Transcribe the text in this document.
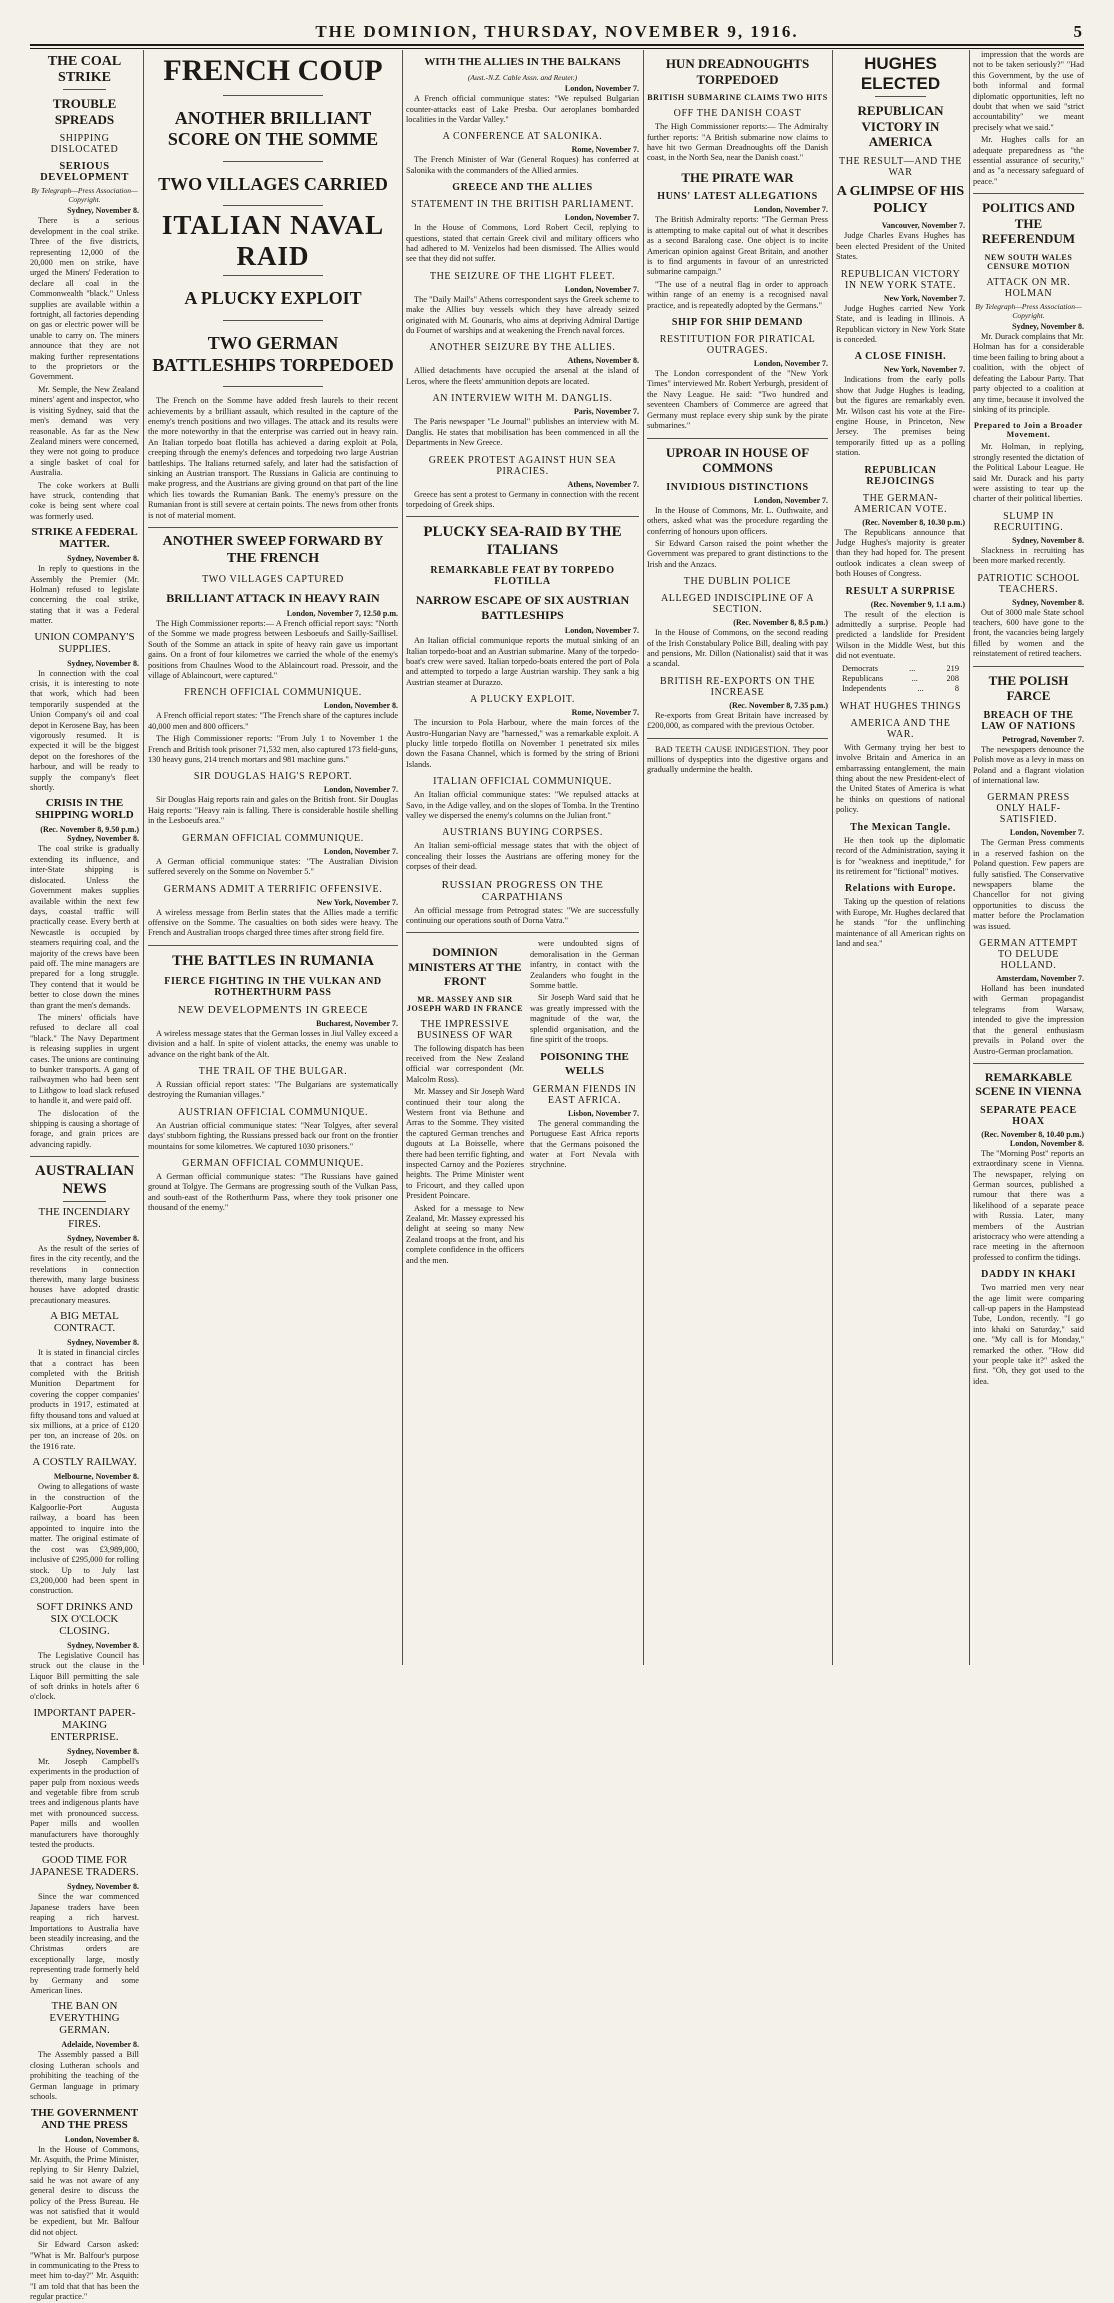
THE DOMINION, THURSDAY, NOVEMBER 9, 1916.	5
THE COAL STRIKE
TROUBLE SPREADS
SHIPPING DISLOCATED
SERIOUS DEVELOPMENT
By Telegraph—Press Association—Copyright.
Sydney, November 8.

There is a serious development in the coal strike. Three of the five districts, representing 12,000 of the 20,000 men on strike, have urged the Miners' Federation to declare all coal in the Commonwealth "black." Unless supplies are available within a fortnight, all factories depending on gas or electric power will be unable to carry on. The miners announce that they are not making further representations to the proprietors or the Government.

Mr. Semple, the New Zealand miners' agent and inspector, who is visiting Sydney, said that the men's demand was very reasonable. As far as the New Zealand miners were concerned, they were not going to produce a single basket of coal for Australia.

The coke workers at Bulli have struck, contending that coke is being sent where coal was formerly used.

STRIKE A FEDERAL MATTER.
Sydney, November 8.

In reply to questions in the Assembly the Premier (Mr. Holman) refused to legislate concerning the coal strike, stating that it was a Federal matter.

UNION COMPANY'S SUPPLIES.
Sydney, November 8.

In connection with the coal crisis, it is interesting to note that work, which had been temporarily suspended at the Union Company's oil and coal depot in Kerosene Bay, has been vigorously resumed. It is expected it will be the biggest depot on the foreshores of the harbour, and will be ready to supply the company's fleet shortly.

CRISIS IN THE SHIPPING WORLD
(Rec. November 8, 9.50 p.m.) Sydney, November 8.

The coal strike is gradually extending its influence, and inter-State shipping is dislocated. Unless the Government makes supplies available within the next few days, coastal traffic will practically cease. Every berth at Newcastle is occupied by steamers requiring coal, and the majority of the crews have been paid off. The mine managers are prepared for a long struggle. They contend that it would be better to close down the mines than grant the men's demands.

The miners' officials have refused to declare all coal "black." The Navy Department is releasing supplies in urgent cases. The unions are continuing to bunker transports. A gang of railwaymen who had been sent to Lithgow to load slack refused to handle it, and were paid off.

The dislocation of the shipping is causing a shortage of forage, and grain prices are advancing rapidly.

AUSTRALIAN NEWS
THE INCENDIARY FIRES.
Sydney, November 8.

As the result of the series of fires in the city recently, and the revelations in connection therewith, many large business houses have adopted drastic precautionary measures.

A BIG METAL CONTRACT.
Sydney, November 8.

It is stated in financial circles that a contract has been completed with the British Munition Department for covering the copper companies' products in 1917, estimated at fifty thousand tons and valued at six millions, at a price of £120 per ton, an increase of 20s. on the 1916 rate.

A COSTLY RAILWAY.
Melbourne, November 8.

Owing to allegations of waste in the construction of the Kalgoorlie-Port Augusta railway, a board has been appointed to inquire into the matter. The original estimate of the cost was £3,989,000, inclusive of £295,000 for rolling stock. Up to July last £3,200,000 had been spent in construction.

SOFT DRINKS AND SIX O'CLOCK CLOSING.
Sydney, November 8.

The Legislative Council has struck out the clause in the Liquor Bill permitting the sale of soft drinks in hotels after 6 o'clock.

IMPORTANT PAPER-MAKING ENTERPRISE.
Sydney, November 8.

Mr. Joseph Campbell's experiments in the production of paper pulp from noxious weeds and vegetable fibre from scrub trees and indigenous plants have met with pronounced success. Paper mills and woollen manufacturers have thoroughly tested the products.

GOOD TIME FOR JAPANESE TRADERS.
Sydney, November 8.

Since the war commenced Japanese traders have been reaping a rich harvest. Importations to Australia have been steadily increasing, and the Christmas orders are exceptionally large, mostly representing trade formerly held by Germany and some American lines.

THE BAN ON EVERYTHING GERMAN.
Adelaide, November 8.

The Assembly passed a Bill closing Lutheran schools and prohibiting the teaching of the German language in primary schools.

THE GOVERNMENT AND THE PRESS
London, November 8.

In the House of Commons, Mr. Asquith, the Prime Minister, replying to Sir Henry Dalziel, said he was not aware of any general desire to discuss the policy of the Press Bureau. He was not satisfied that it would be expedient, but Mr. Balfour did not object.

Sir Edward Carson asked: "What is Mr. Balfour's purpose in communicating to the Press to meet him to-day?" Mr. Asquith: "I am told that that has been the regular practice."

FRENCH COUP
ANOTHER BRILLIANT SCORE ON THE SOMME
TWO VILLAGES CARRIED
ITALIAN NAVAL RAID
A PLUCKY EXPLOIT
TWO GERMAN BATTLESHIPS TORPEDOED

The French on the Somme have added fresh laurels to their recent achievements by a brilliant assault, which resulted in the capture of the enemy's trench positions and two villages. The attack and its results were the more noteworthy in that the enterprise was carried out in heavy rain. An Italian torpedo boat flotilla has achieved a daring exploit at Pola, creeping through the enemy's defences and torpedoing two large Austrian battleships. The Italians returned safely, and later had the satisfaction of sinking an Austrian transport. The Russians in Galicia are continuing to make progress, and the Austrians are giving ground on that part of the line which lies towards the Rumanian Bank. The enemy's pressure on the Rumanian front is still severe at certain points. The news from other fronts is not of material moment.

ANOTHER SWEEP FORWARD BY THE FRENCH
TWO VILLAGES CAPTURED
BRILLIANT ATTACK IN HEAVY RAIN
London, November 7, 12.50 p.m.

The High Commissioner reports:— A French official report says: "North of the Somme we made progress between Lesboeufs and Sailly-Saillisel. South of the Somme an attack in spite of heavy rain gave us important gains. On a front of four kilometres we carried the whole of the enemy's positions from Chaulnes Wood to the Ablaincourt road. Pressoir, and the village of Ablaincourt, were captured."

FRENCH OFFICIAL COMMUNIQUE.
London, November 8.

A French official report states: "The French share of the captures include 40,000 men and 800 officers."

The High Commissioner reports: "From July 1 to November 1 the French and British took prisoner 71,532 men, also captured 173 field-guns, 130 heavy guns, 214 trench mortars and 981 machine guns."

SIR DOUGLAS HAIG'S REPORT.
London, November 7.

Sir Douglas Haig reports rain and gales on the British front. Sir Douglas Haig reports: "Heavy rain is falling. There is considerable hostile shelling in the Lesboeufs area."

GERMAN OFFICIAL COMMUNIQUE.
London, November 7.

A German official communique states: "The Australian Division suffered severely on the Somme on November 5."

GERMANS ADMIT A TERRIFIC OFFENSIVE.
New York, November 7.

A wireless message from Berlin states that the Allies made a terrific offensive on the Somme. The casualties on both sides were heavy. The French and Australian troops charged three times after strong field fire.

THE BATTLES IN RUMANIA
FIERCE FIGHTING IN THE VULKAN AND ROTHERTHURM PASS
NEW DEVELOPMENTS IN GREECE
Bucharest, November 7.

A wireless message states that the German losses in Jiul Valley exceed a division and a half. In spite of violent attacks, the enemy was unable to advance on the right bank of the Alt.

THE TRAIL OF THE BULGAR.

A Russian official report states: "The Bulgarians are systematically destroying the Rumanian villages."

AUSTRIAN OFFICIAL COMMUNIQUE.

An Austrian official communique states: "Near Tolgyes, after several days' stubborn fighting, the Russians pressed back our front on the frontier mountains for some kilometres. We captured 1030 prisoners."

GERMAN OFFICIAL COMMUNIQUE.

A German official communique states: "The Russians have gained ground at Tolgye. The Germans are progressing south of the Vulkan Pass, and south-east of the Rotherthurm Pass, where they took prisoner one thousand of the enemy."

WITH THE ALLIES IN THE BALKANS
(Aust.-N.Z. Cable Assn. and Reuter.)
London, November 7.

A French official communique states: "We repulsed Bulgarian counter-attacks east of Lake Presba. Our aeroplanes bombarded localities in the Vardar Valley."

A CONFERENCE AT SALONIKA.
Rome, November 7.

The French Minister of War (General Roques) has conferred at Salonika with the commanders of the Allied armies.

GREECE AND THE ALLIES
STATEMENT IN THE BRITISH PARLIAMENT.
London, November 7.

In the House of Commons, Lord Robert Cecil, replying to questions, stated that certain Greek civil and military officers who had adhered to M. Venizelos had been dismissed. The Allies would see that they did not suffer.

THE SEIZURE OF THE LIGHT FLEET.
London, November 7.

The "Daily Mail's" Athens correspondent says the Greek scheme to make the Allies buy vessels which they have already seized originated with M. Gounaris, who aims at depriving Admiral Dartige du Fournet of warships and at weakening the French naval forces.

ANOTHER SEIZURE BY THE ALLIES.
Athens, November 8.

Allied detachments have occupied the arsenal at the island of Leros, where the fleets' ammunition depots are located.

AN INTERVIEW WITH M. DANGLIS.
Paris, November 7.

The Paris newspaper "Le Journal" publishes an interview with M. Danglis. He states that mobilisation has been commenced in all the Departments in New Greece.

GREEK PROTEST AGAINST HUN SEA PIRACIES.
Athens, November 7.

Greece has sent a protest to Germany in connection with the recent torpedoing of Greek ships.

PLUCKY SEA-RAID BY THE ITALIANS
REMARKABLE FEAT BY TORPEDO FLOTILLA
NARROW ESCAPE OF SIX AUSTRIAN BATTLESHIPS
London, November 7.

An Italian official communique reports the mutual sinking of an Italian torpedo-boat and an Austrian submarine. Many of the torpedo-boat's crew were saved. Italian torpedo-boats entered the port of Pola and attempted to torpedo a large Austrian warship. They sank a big Austrian steamer at Durazzo.

A PLUCKY EXPLOIT.
Rome, November 7.

The incursion to Pola Harbour, where the main forces of the Austro-Hungarian Navy are "harnessed," was a remarkable exploit. A plucky little torpedo flotilla on November 1 penetrated six miles down the Fasana Channel, which is formed by the string of Brioni Islands.

ITALIAN OFFICIAL COMMUNIQUE.

An Italian official communique states: "We repulsed attacks at Savo, in the Adige valley, and on the slopes of Tomba. In the Trentino valley we dispersed the enemy's columns on the Julian front."

AUSTRIANS BUYING CORPSES.

An Italian semi-official message states that with the object of concealing their losses the Austrians are offering money for the corpses of their dead.

RUSSIAN PROGRESS ON THE CARPATHIANS

An official message from Petrograd states: "We are successfully continuing our operations south of Dorna Vatra."

DOMINION MINISTERS AT THE FRONT
MR. MASSEY AND SIR JOSEPH WARD IN FRANCE
THE IMPRESSIVE BUSINESS OF WAR

The following dispatch has been received from the New Zealand official war correspondent (Mr. Malcolm Ross).

Mr. Massey and Sir Joseph Ward continued their tour along the Western front via Bethune and Arras to the Somme. They visited the captured German trenches and dugouts at La Boisselle, where there had been terrific fighting, and inspected Carnoy and the Pozieres heights. The Prime Minister went to Fricourt, and they called upon President Poincare.

Asked for a message to New Zealand, Mr. Massey expressed his delight at seeing so many New Zealand troops at the front, and his complete confidence in the officers and the men.

were undoubted signs of demoralisation in the German infantry, in contact with the Zealanders who fought in the Somme battle.

Sir Joseph Ward said that he was greatly impressed with the magnitude of the war, the splendid organisation, and the fine spirit of the troops.

POISONING THE WELLS
GERMAN FIENDS IN EAST AFRICA.
Lisbon, November 7.

The general commanding the Portuguese East Africa reports that the Germans poisoned the water at Fort Nevala with strychnine.

HUN DREADNOUGHTS TORPEDOED
BRITISH SUBMARINE CLAIMS TWO HITS
OFF THE DANISH COAST

The High Commissioner reports:— The Admiralty further reports: "A British submarine now claims to have hit two German Dreadnoughts off the Danish coast, in the North Sea, near the Danish coast."

THE PIRATE WAR
HUNS' LATEST ALLEGATIONS
London, November 7.

The British Admiralty reports: "The German Press is attempting to make capital out of what it describes as a second Baralong case. One object is to incite American opinion against Great Britain, and another is to find arguments in favour of an unrestricted submarine campaign."

"The use of a neutral flag in order to approach within range of an enemy is a recognised naval practice, and is repeatedly adopted by the Germans."

SHIP FOR SHIP DEMAND
RESTITUTION FOR PIRATICAL OUTRAGES.
London, November 7.

The London correspondent of the "New York Times" interviewed Mr. Robert Yerburgh, president of the Navy League. He said: "Two hundred and seventeen Chambers of Commerce are agreed that Germany must replace every ship sunk by the pirate submarines."

UPROAR IN HOUSE OF COMMONS
INVIDIOUS DISTINCTIONS
London, November 7.

In the House of Commons, Mr. L. Outhwaite, and others, asked what was the procedure regarding the conferring of honours upon officers.

Sir Edward Carson raised the point whether the Government was prepared to grant distinctions to the Irish and the Anzacs.

THE DUBLIN POLICE
ALLEGED INDISCIPLINE OF A SECTION.
(Rec. November 8, 8.5 p.m.)

In the House of Commons, on the second reading of the Irish Constabulary Police Bill, dealing with pay and pensions, Mr. Dillon (Nationalist) said that it was a scandal.

BRITISH RE-EXPORTS ON THE INCREASE
(Rec. November 8, 7.35 p.m.)

Re-exports from Great Britain have increased by £200,000, as compared with the previous October.

BAD TEETH CAUSE INDIGESTION. They poor millions of dyspeptics into the digestive organs and gradually undermine the health.

HUGHES ELECTED
REPUBLICAN VICTORY IN AMERICA
THE RESULT—AND THE WAR
A GLIMPSE OF HIS POLICY
Vancouver, November 7.

Judge Charles Evans Hughes has been elected President of the United States.

REPUBLICAN VICTORY IN NEW YORK STATE.
New York, November 7.

Judge Hughes carried New York State, and is leading in Illinois. A Republican victory in New York State is conceded.

A CLOSE FINISH.
New York, November 7.

Indications from the early polls show that Judge Hughes is leading, but the figures are remarkably even. Mr. Wilson cast his vote at the Fire-engine House, in Princeton, New Jersey. The premises being temporarily fitted up as a polling station.

REPUBLICAN REJOICINGS
THE GERMAN-AMERICAN VOTE.
(Rec. November 8, 10.30 p.m.)

The Republicans announce that Judge Hughes's majority is greater than they had hoped for. The present outlook indicates a clean sweep of both Houses of Congress.

RESULT A SURPRISE
(Rec. November 9, 1.1 a.m.)

The result of the election is admittedly a surprise. People had predicted a landslide for President Wilson in the Middle West, but this did not eventuate.

Democrats	...	219
Republicans	...	208
Independents	...	8
WHAT HUGHES THINGS
AMERICA AND THE WAR.

With Germany trying her best to involve Britain and America in an embarrassing entanglement, the main thing about the new President-elect of the United States of America is what he thinks on questions of national policy.

The Mexican Tangle.

He then took up the diplomatic record of the Administration, saying it is for "weakness and ineptitude," for its retirement for "fictional" motives.

Relations with Europe.

Taking up the question of relations with Europe, Mr. Hughes declared that he stands "for the unflinching maintenance of all American rights on land and sea."

impression that the words are not to be taken seriously?" "Had this Government, by the use of both informal and formal diplomatic opportunities, left no doubt that when we said "strict accountability" we meant precisely what we said."

Mr. Hughes calls for an adequate preparedness as "the essential assurance of security," and as "a necessary safeguard of peace."

POLITICS AND THE REFERENDUM
NEW SOUTH WALES CENSURE MOTION
ATTACK ON MR. HOLMAN
By Telegraph—Press Association—Copyright.
Sydney, November 8.

Mr. Durack complains that Mr. Holman has for a considerable time been failing to bring about a coalition, with the object of defeating the Labour Party. That party objected to a coalition at any time, because it involved the sinking of its principle.

Prepared to Join a Broader Movement.

Mr. Holman, in replying, strongly resented the dictation of the Political Labour League. He said Mr. Durack and his party were assisting to tear up the charter of their political liberties.

SLUMP IN RECRUITING.
Sydney, November 8.

Slackness in recruiting has been more marked recently.

PATRIOTIC SCHOOL TEACHERS.
Sydney, November 8.

Out of 3000 male State school teachers, 600 have gone to the front, the vacancies being largely filled by women and the reinstatement of retired teachers.

THE POLISH FARCE
BREACH OF THE LAW OF NATIONS
Petrograd, November 7.

The newspapers denounce the Polish move as a levy in mass on Poland and a flagrant violation of international law.

GERMAN PRESS ONLY HALF-SATISFIED.
London, November 7.

The German Press comments in a reserved fashion on the Poland question. Few papers are fully satisfied. The Conservative newspapers blame the Chancellor for not giving opportunities to discuss the matter before the Proclamation was issued.

GERMAN ATTEMPT TO DELUDE HOLLAND.
Amsterdam, November 7.

Holland has been inundated with German propagandist telegrams from Warsaw, intended to give the impression that the general enthusiasm prevails in Poland over the Austro-German proclamation.

REMARKABLE SCENE IN VIENNA
SEPARATE PEACE HOAX
(Rec. November 8, 10.40 p.m.) London, November 8.

The "Morning Post" reports an extraordinary scene in Vienna. The newspaper, relying on German sources, published a rumour that there was a likelihood of a separate peace with Russia. Later, many members of the Austrian aristocracy who were attending a race meeting in the afternoon professed to confirm the tidings.

DADDY IN KHAKI

Two married men very near the age limit were comparing call-up papers in the Hampstead Tube, London, recently. "I go into khaki on Saturday," said one. "My call is for Monday," remarked the other. "How did your people take it?" asked the first. "Oh, they got used to the idea.
